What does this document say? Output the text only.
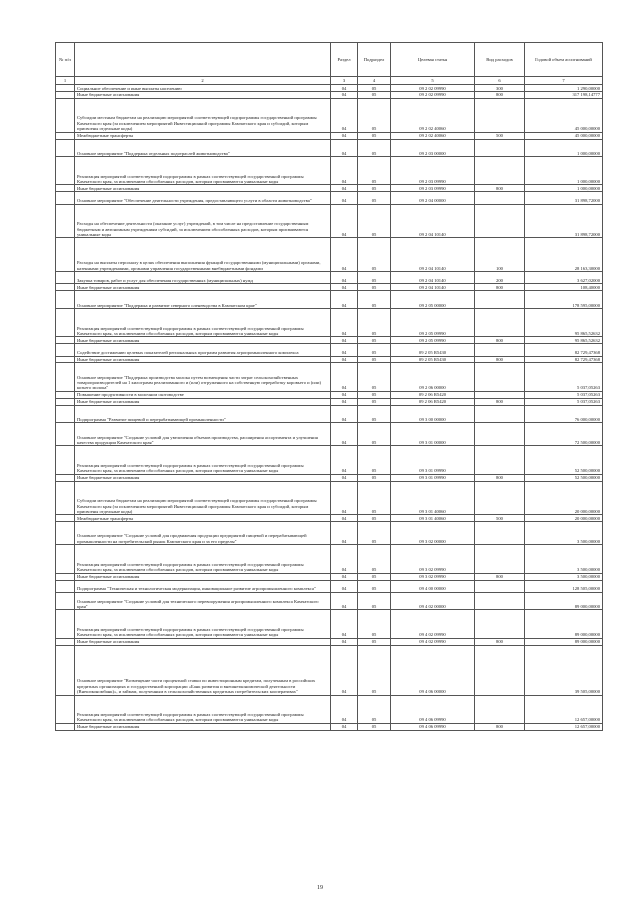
№ п/п		Раздел	Подраздел	Целевая статья	Вид расходов	Годовой объем ассигнований
1	2	3	4	5	6	7
	Социальное обеспечение и иные выплаты населению	04	05	09 2 02 09990	300	1 290,00000
	Иные бюджетные ассигнования	04	05	09 2 02 09990	800	317 198,14777
	Субсидии местным бюджетам на реализацию мероприятий соответствующей подпрограммы государственной программы Камчатского края (за исключением мероприятий Инвестиционной программы Камчатского края и субсидий, которым присвоены отдельные коды)	04	05	09 2 02 40060		45 000,00000
	Межбюджетные трансферты	04	05	09 2 02 40060	500	45 000,00000
	Основное мероприятие "Поддержка отдельных подотраслей животноводства"	04	05	09 2 03 00000		1 000,00000
	Реализация мероприятий соответствующей подпрограммы в рамках соответствующей государственной программы Камчатского края, за исключением обособленных расходов, которым присваиваются уникальные коды	04	05	09 2 03 09990		1 000,00000
	Иные бюджетные ассигнования	04	05	09 2 03 09990	800	1 000,00000
	Основное мероприятие "Обеспечение деятельности учреждения, предоставляющего услуги в области животноводства"	04	05	09 2 04 00000		31 898,72000
	Расходы на обеспечение деятельности (оказание услуг) учреждений, в том числе на предоставление государственным бюджетным и автономным учреждениям субсидий, за исключением обособленных расходов, которым присваиваются уникальные коды	04	05	09 2 04 10140		31 898,72000
	Расходы на выплаты персоналу в целях обеспечения выполнения функций государственными (муниципальными) органами, казенными учреждениями, органами управления государственными внебюджетными фондами	04	05	09 2 04 10140	100	28 163,30000
	Закупка товаров, работ и услуг для обеспечения государственных (муниципальных) нужд	04	05	09 2 04 10140	200	3 627,02000
	Иные бюджетные ассигнования	04	05	09 2 04 10140	800	108,40000
	Основное мероприятие "Поддержка и развитие северного оленеводства в Камчатском крае"	04	05	09 2 05 00000		178 595,00000
	Реализация мероприятий соответствующей подпрограммы в рамках соответствующей государственной программы Камчатского края, за исключением обособленных расходов, которым присваиваются уникальные коды	04	05	09 2 05 09990		95 865,52632
	Иные бюджетные ассигнования	04	05	09 2 05 09990	800	95 865,52632
	Содействие достижению целевых показателей региональных программ развития агропромышленного комплекса	04	05	09 2 05 R5430		82 729,47368
	Иные бюджетные ассигнования	04	05	09 2 05 R5430	800	82 729,47368
	Основное мероприятие "Поддержка производства молока путем возмещения части затрат сельскохозяйственных товаропроизводителей на 1 килограмм реализованного и (или) отгруженного на собственную переработку коровьего и (или) козьего молока"	04	05	09 2 06 00000		5 037,05263
	Повышение продуктивности в молочном скотоводстве	04	05	09 2 06 R5420		5 037,05263
	Иные бюджетные ассигнования	04	05	09 2 06 R5420	800	5 037,05263
	Подпрограмма "Развитие пищевой и перерабатывающей промышленности"	04	05	09 3 00 00000		76 000,00000
	Основное мероприятие "Создание условий для увеличения объемов производства, расширения ассортимента и улучшения качества продукции Камчатского края"	04	05	09 3 01 00000		72 500,00000
	Реализация мероприятий соответствующей подпрограммы в рамках соответствующей государственной программы Камчатского края, за исключением обособленных расходов, которым присваиваются уникальные коды	04	05	09 3 01 09990		52 500,00000
	Иные бюджетные ассигнования	04	05	09 3 01 09990	800	52 500,00000
	Субсидии местным бюджетам на реализацию мероприятий соответствующей подпрограммы государственной программы Камчатского края (за исключением мероприятий Инвестиционной программы Камчатского края и субсидий, которым присвоены отдельные коды)	04	05	09 3 01 40060		20 000,00000
	Межбюджетные трансферты	04	05	09 3 01 40060	500	20 000,00000
	Основное мероприятие "Создание условий для продвижения продукции предприятий пищевой и перерабатывающей промышленности на потребительский рынок Камчатского края и за его пределы"	04	05	09 3 02 00000		3 500,00000
	Реализация мероприятий соответствующей подпрограммы в рамках соответствующей государственной программы Камчатского края, за исключением обособленных расходов, которым присваиваются уникальные коды	04	05	09 3 02 09990		3 500,00000
	Иные бюджетные ассигнования	04	05	09 3 02 09990	800	3 500,00000
	Подпрограмма "Техническая и технологическая модернизация, инновационное развитие агропромышленного комплекса"	04	05	09 4 00 00000		128 505,00000
	Основное мероприятие "Создание условий для технического перевооружения агропромышленного комплекса Камчатского края"	04	05	09 4 02 00000		89 000,00000
	Реализация мероприятий соответствующей подпрограммы в рамках соответствующей государственной программы Камчатского края, за исключением обособленных расходов, которым присваиваются уникальные коды	04	05	09 4 02 09990		89 000,00000
	Иные бюджетные ассигнования	04	05	09 4 02 09990	800	89 000,00000
	Основное мероприятие "Возмещение части процентной ставки по инвестиционным кредитам, полученным в российских кредитных организациях и государственной корпорации «Банк развития и внешнеэкономической деятельности (Внешэкономбанк)», и займам, полученным в сельскохозяйственных кредитных потребительских кооперативах"	04	05	09 4 06 00000		39 505,00000
	Реализация мероприятий соответствующей подпрограммы в рамках соответствующей государственной программы Камчатского края, за исключением обособленных расходов, которым присваиваются уникальные коды	04	05	09 4 06 09990		12 657,00000
	Иные бюджетные ассигнования	04	05	09 4 06 09990	800	12 657,00000
19
